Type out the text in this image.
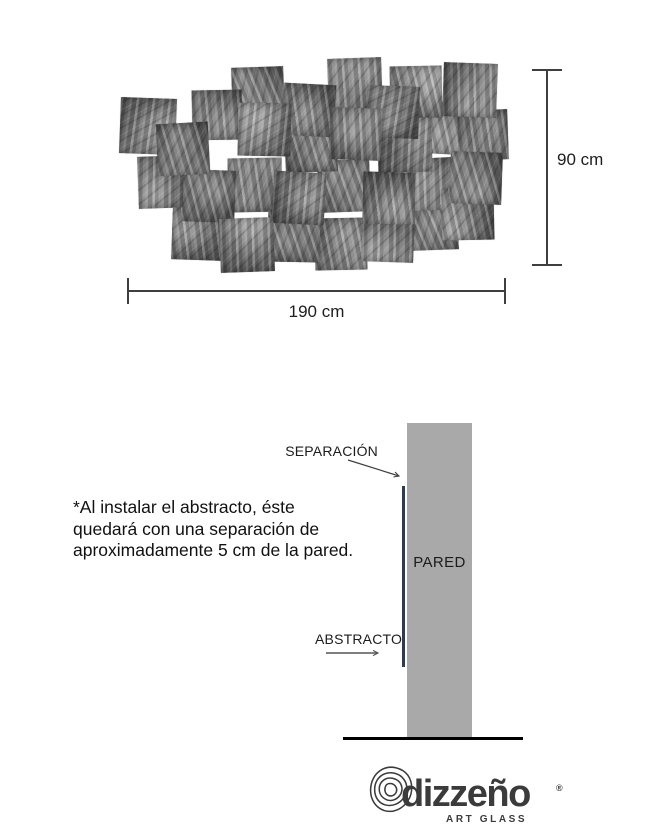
90 cm
190 cm
*Al instalar el abstracto, éste
quedará con una separación de
aproximadamente 5 cm de la pared.
SEPARACIÓN
PARED
ABSTRACTO
dizzeño	®
ART GLASS
